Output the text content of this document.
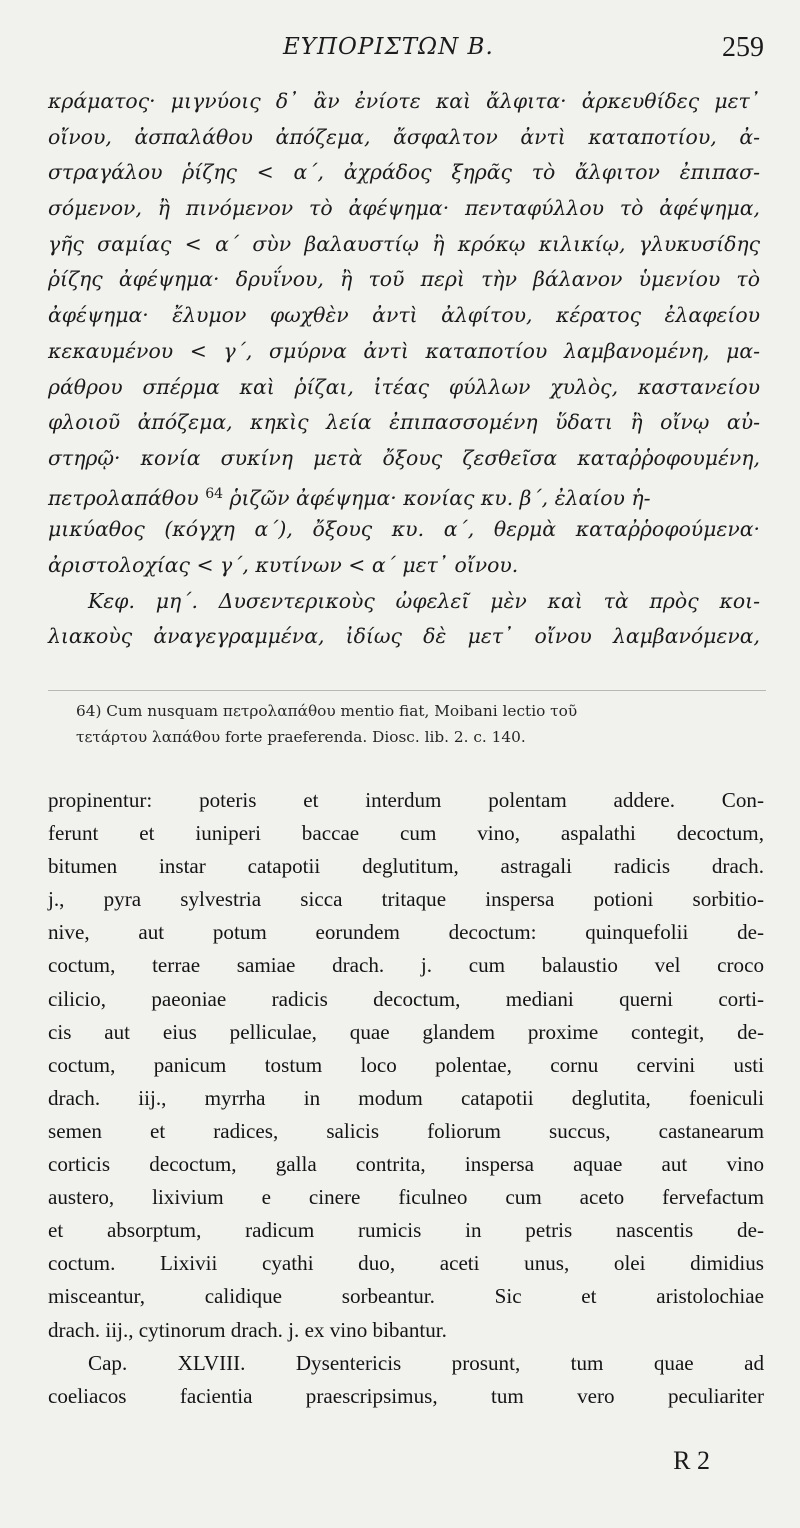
ΕΥΠΟΡΙΣΤΩΝ Β.	259
κράματος· μιγνύοις δ᾽ ἂν ἐνίοτε καὶ ἄλφιτα· ἀρκευθίδες μετ᾽
οἴνου, ἀσπαλάθου ἀπόζεμα, ἄσφαλτον ἀντὶ καταποτίου, ἀ-
στραγάλου ῥίζης < α΄, ἀχράδος ξηρᾶς τὸ ἄλφιτον ἐπιπασ-
σόμενον, ἢ πινόμενον τὸ ἀφέψημα· πενταφύλλου τὸ ἀφέψημα,
γῆς σαμίας < α΄ σὺν βαλαυστίῳ ἢ κρόκῳ κιλικίῳ, γλυκυσίδης
ῥίζης ἀφέψημα· δρυΐνου, ἢ τοῦ περὶ τὴν βάλανον ὑμενίου τὸ
ἀφέψημα· ἔλυμον φωχθὲν ἀντὶ ἀλφίτου, κέρατος ἐλαφείου
κεκαυμένου < γ΄, σμύρνα ἀντὶ καταποτίου λαμβανομένη, μα-
ράθρου σπέρμα καὶ ῥίζαι, ἰτέας φύλλων χυλὸς, καστανείου
φλοιοῦ ἀπόζεμα, κηκὶς λεία ἐπιπασσομένη ὕδατι ἢ οἴνῳ αὐ-
στηρῷ· κονία συκίνη μετὰ ὄξους ζεσθεῖσα καταῤῥοφουμένη,
πετρολαπάθου $^{64}$ ῥιζῶν ἀφέψημα· κονίας κυ. β΄, ἐλαίου ἡ-
μικύαθος (κόγχη α΄), ὄξους κυ. α΄, θερμὰ καταῤῥοφούμενα·
ἀριστολοχίας < γ΄, κυτίνων < α΄ μετ᾽ οἴνου.
Κεφ. μη΄. Δυσεντερικοὺς ὠφελεῖ μὲν καὶ τὰ πρὸς κοι-
λιακοὺς ἀναγεγραμμένα, ἰδίως δὲ μετ᾽ οἴνου λαμβανόμενα,
64) Cum nusquam πετρολαπάθου mentio fiat, Moibani lectio τοῦ
τετάρτου λαπάθου forte praeferenda. Diosc. lib. 2. c. 140.
propinentur: poteris et interdum polentam addere. Con-
ferunt et iuniperi baccae cum vino, aspalathi decoctum,
bitumen instar catapotii deglutitum, astragali radicis drach.
j., pyra sylvestria sicca tritaque inspersa potioni sorbitio-
nive, aut potum eorundem decoctum: quinquefolii de-
coctum, terrae samiae drach. j. cum balaustio vel croco
cilicio, paeoniae radicis decoctum, mediani querni corti-
cis aut eius pelliculae, quae glandem proxime contegit, de-
coctum, panicum tostum loco polentae, cornu cervini usti
drach. iij., myrrha in modum catapotii deglutita, foeniculi
semen et radices, salicis foliorum succus, castanearum
corticis decoctum, galla contrita, inspersa aquae aut vino
austero, lixivium e cinere ficulneo cum aceto fervefactum
et absorptum, radicum rumicis in petris nascentis de-
coctum. Lixivii cyathi duo, aceti unus, olei dimidius
misceantur, calidique sorbeantur. Sic et aristolochiae
drach. iij., cytinorum drach. j. ex vino bibantur.
Cap. XLVIII. Dysentericis prosunt, tum quae ad
coeliacos facientia praescripsimus, tum vero peculiariter
R 2
